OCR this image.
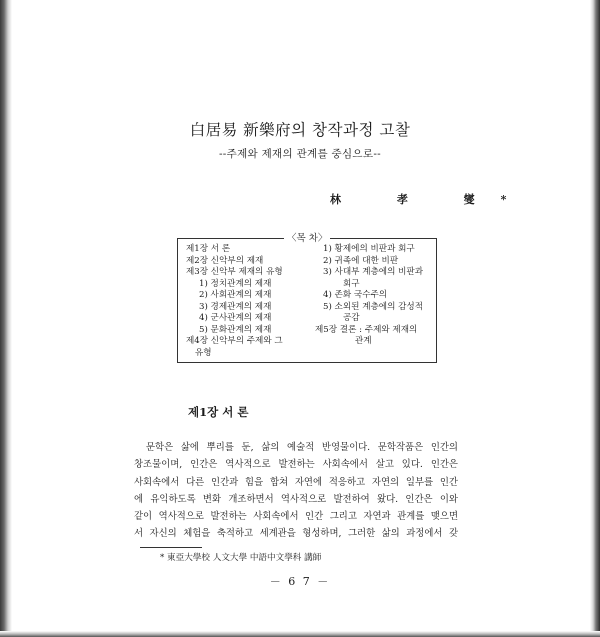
白居易 新樂府의 창작과정 고찰
--주제와 제재의 관계를 중심으로--
林 孝 燮*
〈목 차〉
제1장 서 론
제2장 신악부의 제재
제3장 신악부 제재의 유형
1) 정치관계의 제재
2) 사회관계의 제재
3) 경제관계의 제재
4) 군사관계의 제재
5) 문화관계의 제재
제4장 신악부의 주제와 그
유형
1) 황제에의 비판과 회구
2) 귀족에 대한 비판
3) 사대부 계층에의 비판과
회구
4) 존화 국수주의
5) 소외된 계층에의 감성적
공감
제5장 결론 : 주제와 제재의
관계
제1장 서 론
문학은 삶에 뿌리를 둔, 삶의 예술적 반영물이다. 문학작품은 인간의
창조물이며, 인간은 역사적으로 발전하는 사회속에서 살고 있다. 인간은
사회속에서 다른 인간과 힘을 합쳐 자연에 적응하고 자연의 일부를 인간
에 유익하도록 변화 개조하면서 역사적으로 발전하여 왔다. 인간은 이와
같이 역사적으로 발전하는 사회속에서 인간 그리고 자연과 관계를 맺으면
서 자신의 체험을 축적하고 세계관을 형성하며, 그러한 삶의 과정에서 갖
* 東亞大學校 人文大學 中語中文學科 講師
－ 6 7 －
